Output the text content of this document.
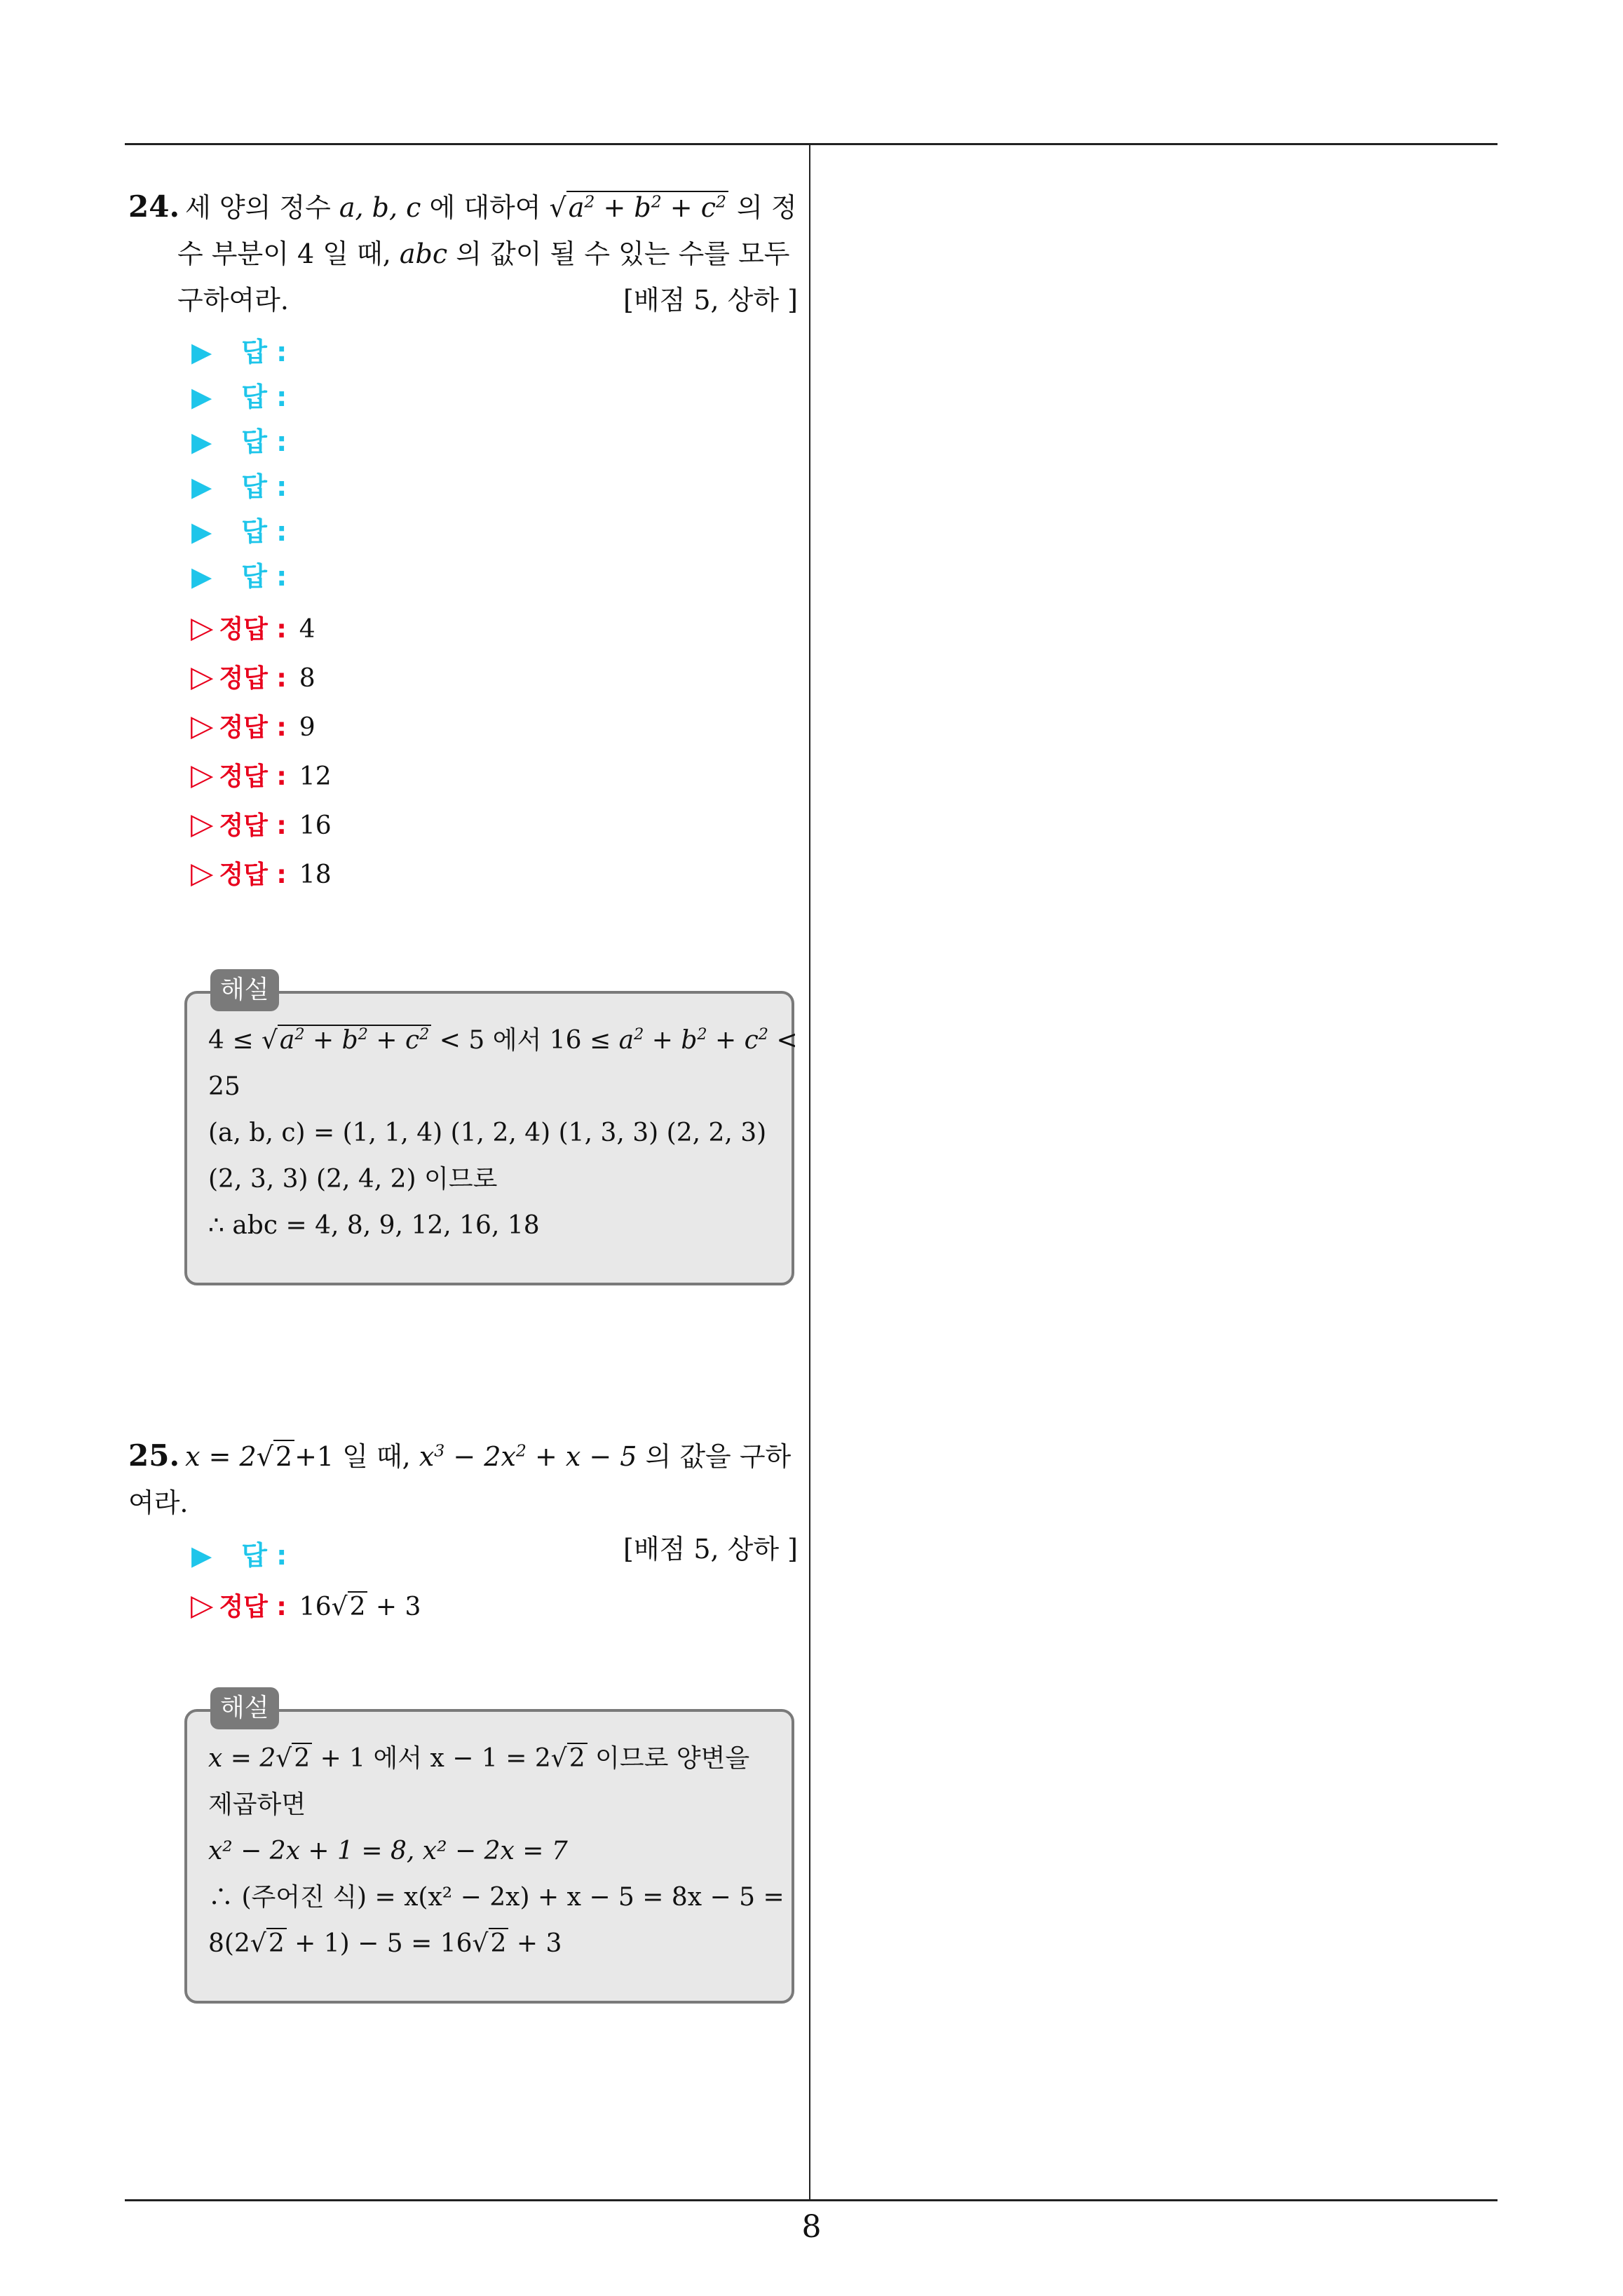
8
24. 세 양의 정수 a, b, c 에 대하여 $√a^2 + b^2 + c^2$ 의 정
수 부분이 4 일 때, abc 의 값이 될 수 있는 수를 모두
구하여라.	[배점 5, 상하 ]
▶ 답 :
▶ 답 :
▶ 답 :
▶ 답 :
▶ 답 :
▶ 답 :
▷ 정답 : 4
▷ 정답 : 8
▷ 정답 : 9
▷ 정답 : 12
▷ 정답 : 16
▷ 정답 : 18
$4 \le √a^2 + b^2 + c^2 < 5$ 에서 $16 \le a^2 + b^2 + c^2$ <
25
(a, b, c) = (1, 1, 4) (1, 2, 4) (1, 3, 3) (2, 2, 3)
(2, 3, 3) (2, 4, 2) 이므로
∴ abc = 4, 8, 9, 12, 16, 18
해설
25. x = 2√2+1 일 때, $x^3 - 2x^2 + x - 5$ 의 값을 구하여라.
[배점 5, 상하 ]
▶ 답 :
▷ 정답 : 16√2 + 3
x = 2√2 + 1 에서 x − 1 = 2√2 이므로 양변을
제곱하면
x² − 2x + 1 = 8, x² − 2x = 7
∴ (주어진 식) = x(x² − 2x) + x − 5 = 8x − 5 =
8(2√2 + 1) − 5 = 16√2 + 3
해설
